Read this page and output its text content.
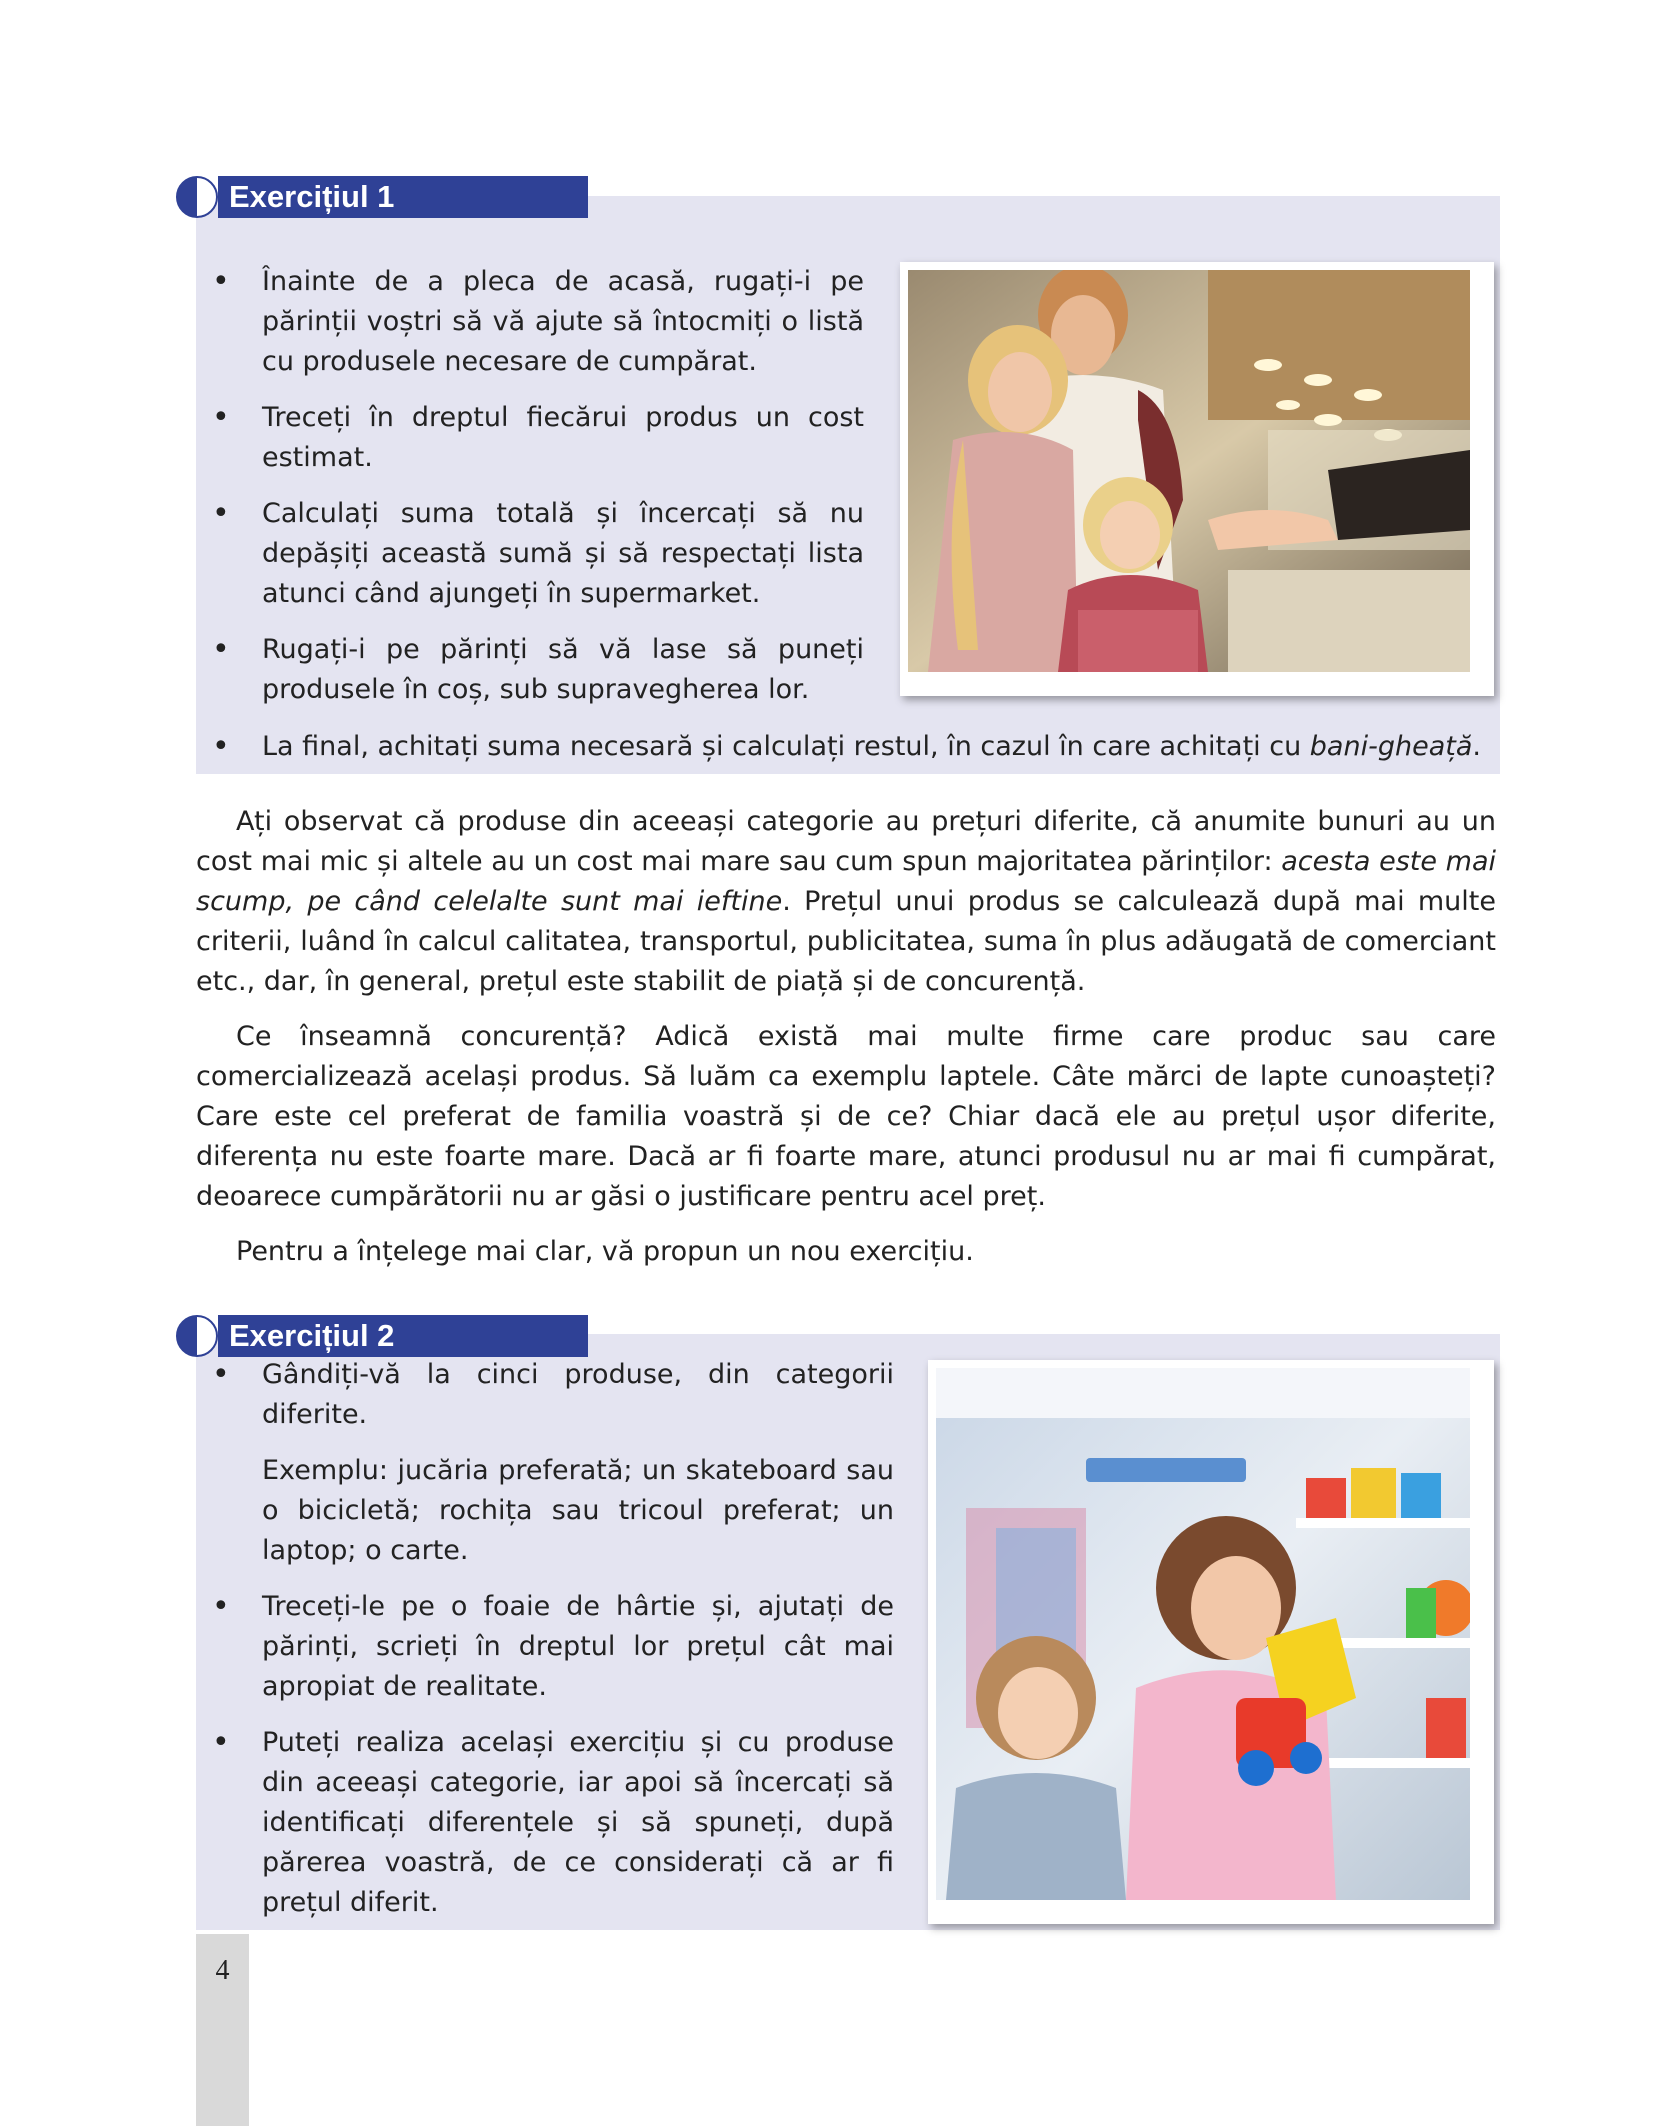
Exercițiul 1
• Înainte de a pleca de acasă, rugați-i pe părinții voștri să vă ajute să întocmiți o listă cu produsele necesare de cumpărat.
• Treceți în dreptul fiecărui produs un cost estimat.
• Calculați suma totală și încercați să nu depășiți această sumă și să respectați lista atunci când ajungeți în supermarket.
• Rugați-i pe părinți să vă lase să puneți produsele în coș, sub supravegherea lor.
• La final, achitați suma necesară și calculați restul, în cazul în care achitați cu bani-gheață.

Ați observat că produse din aceeași categorie au prețuri diferite, că anumite bunuri au un cost mai mic și altele au un cost mai mare sau cum spun majoritatea părinților: acesta este mai scump, pe când celelalte sunt mai ieftine. Prețul unui produs se calculează după mai multe criterii, luând în calcul calitatea, transportul, publicitatea, suma în plus adăugată de comerciant etc., dar, în general, prețul este stabilit de piață și de concurență.

Ce înseamnă concurență? Adică există mai multe firme care produc sau care comercializează același produs. Să luăm ca exemplu laptele. Câte mărci de lapte cunoașteți? Care este cel preferat de familia voastră și de ce? Chiar dacă ele au prețul ușor diferite, diferența nu este foarte mare. Dacă ar fi foarte mare, atunci produsul nu ar mai fi cumpărat, deoarece cumpărătorii nu ar găsi o justificare pentru acel preț.

Pentru a înțelege mai clar, vă propun un nou exercițiu.

Exercițiul 2
• Gândiți-vă la cinci produse, din categorii diferite.
Exemplu: jucăria preferată; un skateboard sau o bicicletă; rochița sau tricoul preferat; un laptop; o carte.
• Treceți-le pe o foaie de hârtie și, ajutați de părinți, scrieți în dreptul lor prețul cât mai apropiat de realitate.
• Puteți realiza același exercițiu și cu produse din aceeași categorie, iar apoi să încercați să identificați diferențele și să spuneți, după părerea voastră, de ce considerați că ar fi prețul diferit.
4
